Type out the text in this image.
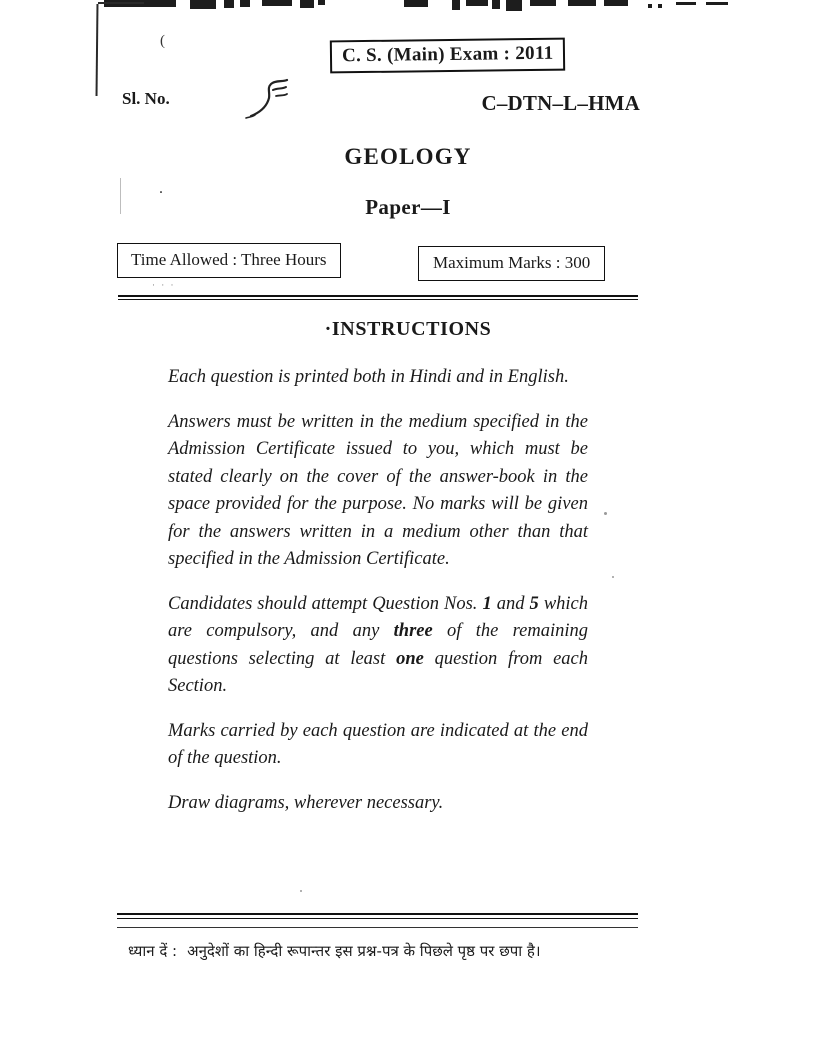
(
C. S. (Main) Exam : 2011
Sl. No.	C–DTN–L–HMA
GEOLOGY
Paper—I
.
Time Allowed : Three Hours
· · ·
Maximum Marks : 300
·INSTRUCTIONS

Each question is printed both in Hindi and in English.

Answers must be written in the medium specified in the Admission Certificate issued to you, which must be stated clearly on the cover of the answer-book in the space provided for the purpose. No marks will be given for the answers written in a medium other than that specified in the Admission Certificate.

Candidates should attempt Question Nos. 1 and 5 which are compulsory, and any three of the remaining questions selecting at least one question from each Section.

Marks carried by each question are indicated at the end of the question.

Draw diagrams, wherever necessary.

ध्यान दें : अनुदेशों का हिन्दी रूपान्तर इस प्रश्न-पत्र के पिछले पृष्ठ पर छपा है।
